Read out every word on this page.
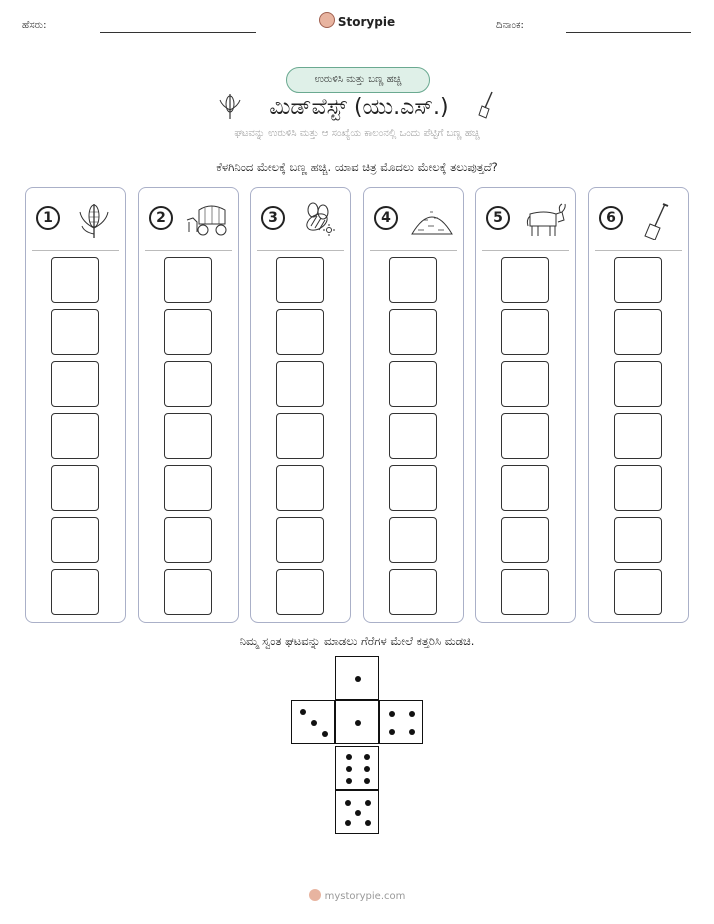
ಹೆಸರು:	Storypie	ದಿನಾಂಕ:
ಉರುಳಿಸಿ ಮತ್ತು ಬಣ್ಣ ಹಚ್ಚಿ
ಮಿಡ್‌ವೆಸ್ಟ್ (ಯು.ಎಸ್.)
ಘಟವನ್ನು ಉರುಳಿಸಿ ಮತ್ತು ಆ ಸಂಖ್ಯೆಯ ಕಾಲಂನಲ್ಲಿ ಒಂದು ಪೆಟ್ಟಿಗೆ ಬಣ್ಣ ಹಚ್ಚಿ
ಕೆಳಗಿನಿಂದ ಮೇಲಕ್ಕೆ ಬಣ್ಣ ಹಚ್ಚಿ. ಯಾವ ಚಿತ್ರ ಮೊದಲು ಮೇಲಕ್ಕೆ ತಲುಪುತ್ತದೆ?
1	2	3	4	5	6
ನಿಮ್ಮ ಸ್ವಂತ ಘಟವನ್ನು ಮಾಡಲು ಗೆರೆಗಳ ಮೇಲೆ ಕತ್ತರಿಸಿ ಮಡಚಿ.
mystorypie.com
